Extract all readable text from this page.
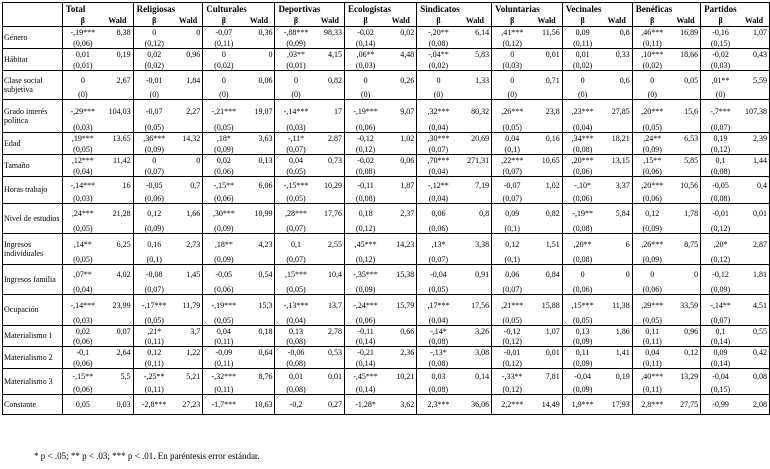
	Total		Religiosas		Culturales		Deportivas		Ecologistas		Sindicatos		Voluntarias		Vecinales		Benéficas		Partidos	
	β	Wald	β	Wald	β	Wald	β	Wald	β	Wald	β	Wald	β	Wald	β	Wald	β	Wald	β	Wald
Género	-,19***	8,38	0	0	-0,07	0,36	-,88***	98,33	-0,02	0,02	-,20**	6,14	,41***	11,56	0,09	0,8	,46***	16,89	-0,16	1,07
	(0,06)		(0,12)		(0,11)		(0,09)		(0,14)		(0,08)		(0,12)		(0,11)		(0,11)		(0,15)	
Hábitat	0,01	0,19	0,02	0,96	0	0	,03**	4,15	,06**	4,48	-,04**	5,83	0	0,01	0,01	0,33	,10***	18,66	-0,02	0,43
	(0,01)		(0,02)		(0,02)		(0,01)		(0,03)		(0,02)		(0,03)		(0,02)		(0,02)		(0,03)	
Clase social subjetiva	0	2,67	-0,01	1,84	0	0,06	0	0,82	0	0,26	0	1,33	0	0,71	0	0,6	0	0,05	,01**	5,59
	(0)		(0)		(0)		(0)		(0)		(0)		(0)		(0)		(0)		(0)	
Grado interés política	-,29***	104,03	-0,07	2,27	-,21***	19,07	-,14***	17	-,19***	9,07	,32***	80,32	,26***	23,8	,23***	27,85	,20***	15,6	-,7***	107,38
	(0,03)		(0,05)		(0,05)		(0,03)		(0,06)		(0,04)		(0,05)		(0,04)		(0,05)		(0,07)	
Edad	,19***	13,65	,36***	14,32	,18*	3,63	-,11*	2,87	-0,12	1,02	,30***	20,69	0,04	0,16	,34***	18,21	,24**	6,53	0,19	2,39
	(0,05)		(0,09)		(0,09)		(0,07)		(0,12)		(0,07)		(0,1)		(0,08)		(0,09)		(0,12)	
Tamaño	,12***	11,42	0	0	0,02	0,13	0,04	0,73	-0,02	0,06	,70***	271,31	,22***	10,65	,20***	13,15	,15**	5,85	0,1	1,44
	(0,04)		(0,07)		(0,06)		(0,05)		(0,08)		(0,04)		(0,07)		(0,06)		(0,06)		(0,08)	
Horas trabajo	-,14***	16	-0,05	0,7	-,15**	6,06	-,15***	10,29	-0,11	1,87	-,12**	7,19	-0,07	1,02	-,10*	3,37	,20***	10,56	-0,05	0,4
	(0,03)		(0,06)		(0,06)		(0,05)		(0,08)		(0,04)		(0,07)		(0,06)		(0,06)		(0,08)	
Nivel de estudios	,24***	21,28	0,12	1,66	,30***	10,99	,28***	17,76	0,18	2,37	0,06	0,8	0,09	0,82	-,19**	5,84	0,12	1,78	-0,01	0,01
	(0,05)		(0,09)		(0,09)		(0,07)		(0,12)		(0,06)		(0,1)		(0,08)		(0,09)		(0,12)	
Ingresos individuales	,14**	6,25	0,16	2,73	,18**	4,23	0,1	2,55	,45***	14,23	,13*	3,38	0,12	1,51	,20**	6	,26***	8,75	,20*	2,87
	(0,05)		(0,1)		(0,09)		(0,07)		(0,12)		(0,07)		(0,1)		(0,08)		(0,09)		(0,12)	
Ingresos familia	,07**	4,02	-0,08	1,45	-0,05	0,54	,15***	10,4	-,35***	15,38	-0,04	0,91	0,06	0,84	0	0	0	0	-0,12	1,81
	(0,04)		(0,07)		(0,06)		(0,05)		(0,09)		(0,05)		(0,07)		(0,06)		(0,06)		(0,09)	
Ocupación	-,14***	23,99	-,17***	11,79	-,19***	15,3	-,13***	13,7	-,24***	15,79	,17***	17,56	,21***	15,88	,15***	11,38	,29***	33,59	-,14**	4,51
	(0,03)		(0,05)		(0,05)		(0,04)		(0,06)		(0,04)		(0,05)		(0,05)		(0,05)		(0,07)	
Materialismo 1	0,02	0,07	,21*	3,7	0,04	0,18	0,13	2,78	-0,11	0,66	-,14*	3,26	-0,12	1,07	0,13	1,86	0,11	0,96	0,1	0,55
	(0,06)		(0,11)		(0,11)		(0,08)		(0,14)		(0,08)		(0,12)		(0,09)		(0,11)		(0,14)	
Materialismo 2	-0,1	2,64	0,12	1,22	-0,09	0,64	-0,06	0,53	-0,21	2,36	-,13*	3,08	-0,01	0,01	0,11	1,41	0,04	0,12	0,09	0,42
	(0,06)		(0,11)		(0,11)		(0,08)		(0,14)		(0,08)		(0,12)		(0,09)		(0,11)		(0,14)	
Materialismo 3	-,15**	5,5	-,25**	5,21	-,32***	8,76	0,01	0,01	-,45***	10,21	0,03	0,14	-,33**	7,81	-0,04	0,19	,40***	13,29	-0,04	0,08
	(0,06)		(0,11)		(0,11)		(0,08)		(0,14)		(0,08)		(0,12)		(0,09)		(0,11)		(0,15)	
Constante	0,05	0,03	-2,8***	27,23	-1,7***	10,63	-0,2	0,27	-1,28*	3,62	2,3***	36,06	2,2***	14,49	1,9***	17,93	2,8***	27,75	-0,99	2,08
* p < .05; ** p < .03; *** p < .01. En paréntesis error estándar.
